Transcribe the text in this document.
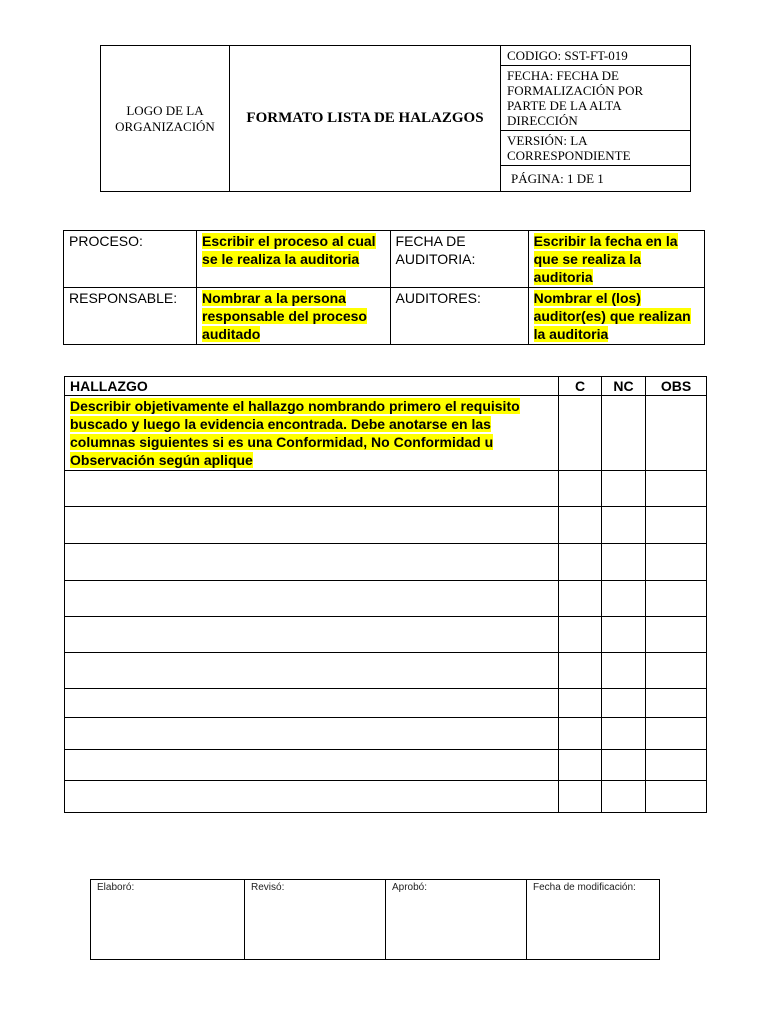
LOGO DE LA ORGANIZACIÓN	FORMATO LISTA DE HALAZGOS	CODIGO: SST-FT-019
FECHA: FECHA DE FORMALIZACIÓN POR PARTE DE LA ALTA DIRECCIÓN
VERSIÓN: LA CORRESPONDIENTE
PÁGINA: 1 DE 1
PROCESO:	Escribir el proceso al cual se le realiza la auditoria	FECHA DE AUDITORIA:	Escribir la fecha en la que se realiza la auditoria
RESPONSABLE:	Nombrar a la persona responsable del proceso auditado	AUDITORES:	Nombrar el (los) auditor(es) que realizan la auditoria
HALLAZGO	C	NC	OBS
Describir objetivamente el hallazgo nombrando primero el requisito buscado y luego la evidencia encontrada. Debe anotarse en las columnas siguientes si es una Conformidad, No Conformidad u Observación según aplique			

Elaboró:	Revisó:	Aprobó:	Fecha de modificación:
